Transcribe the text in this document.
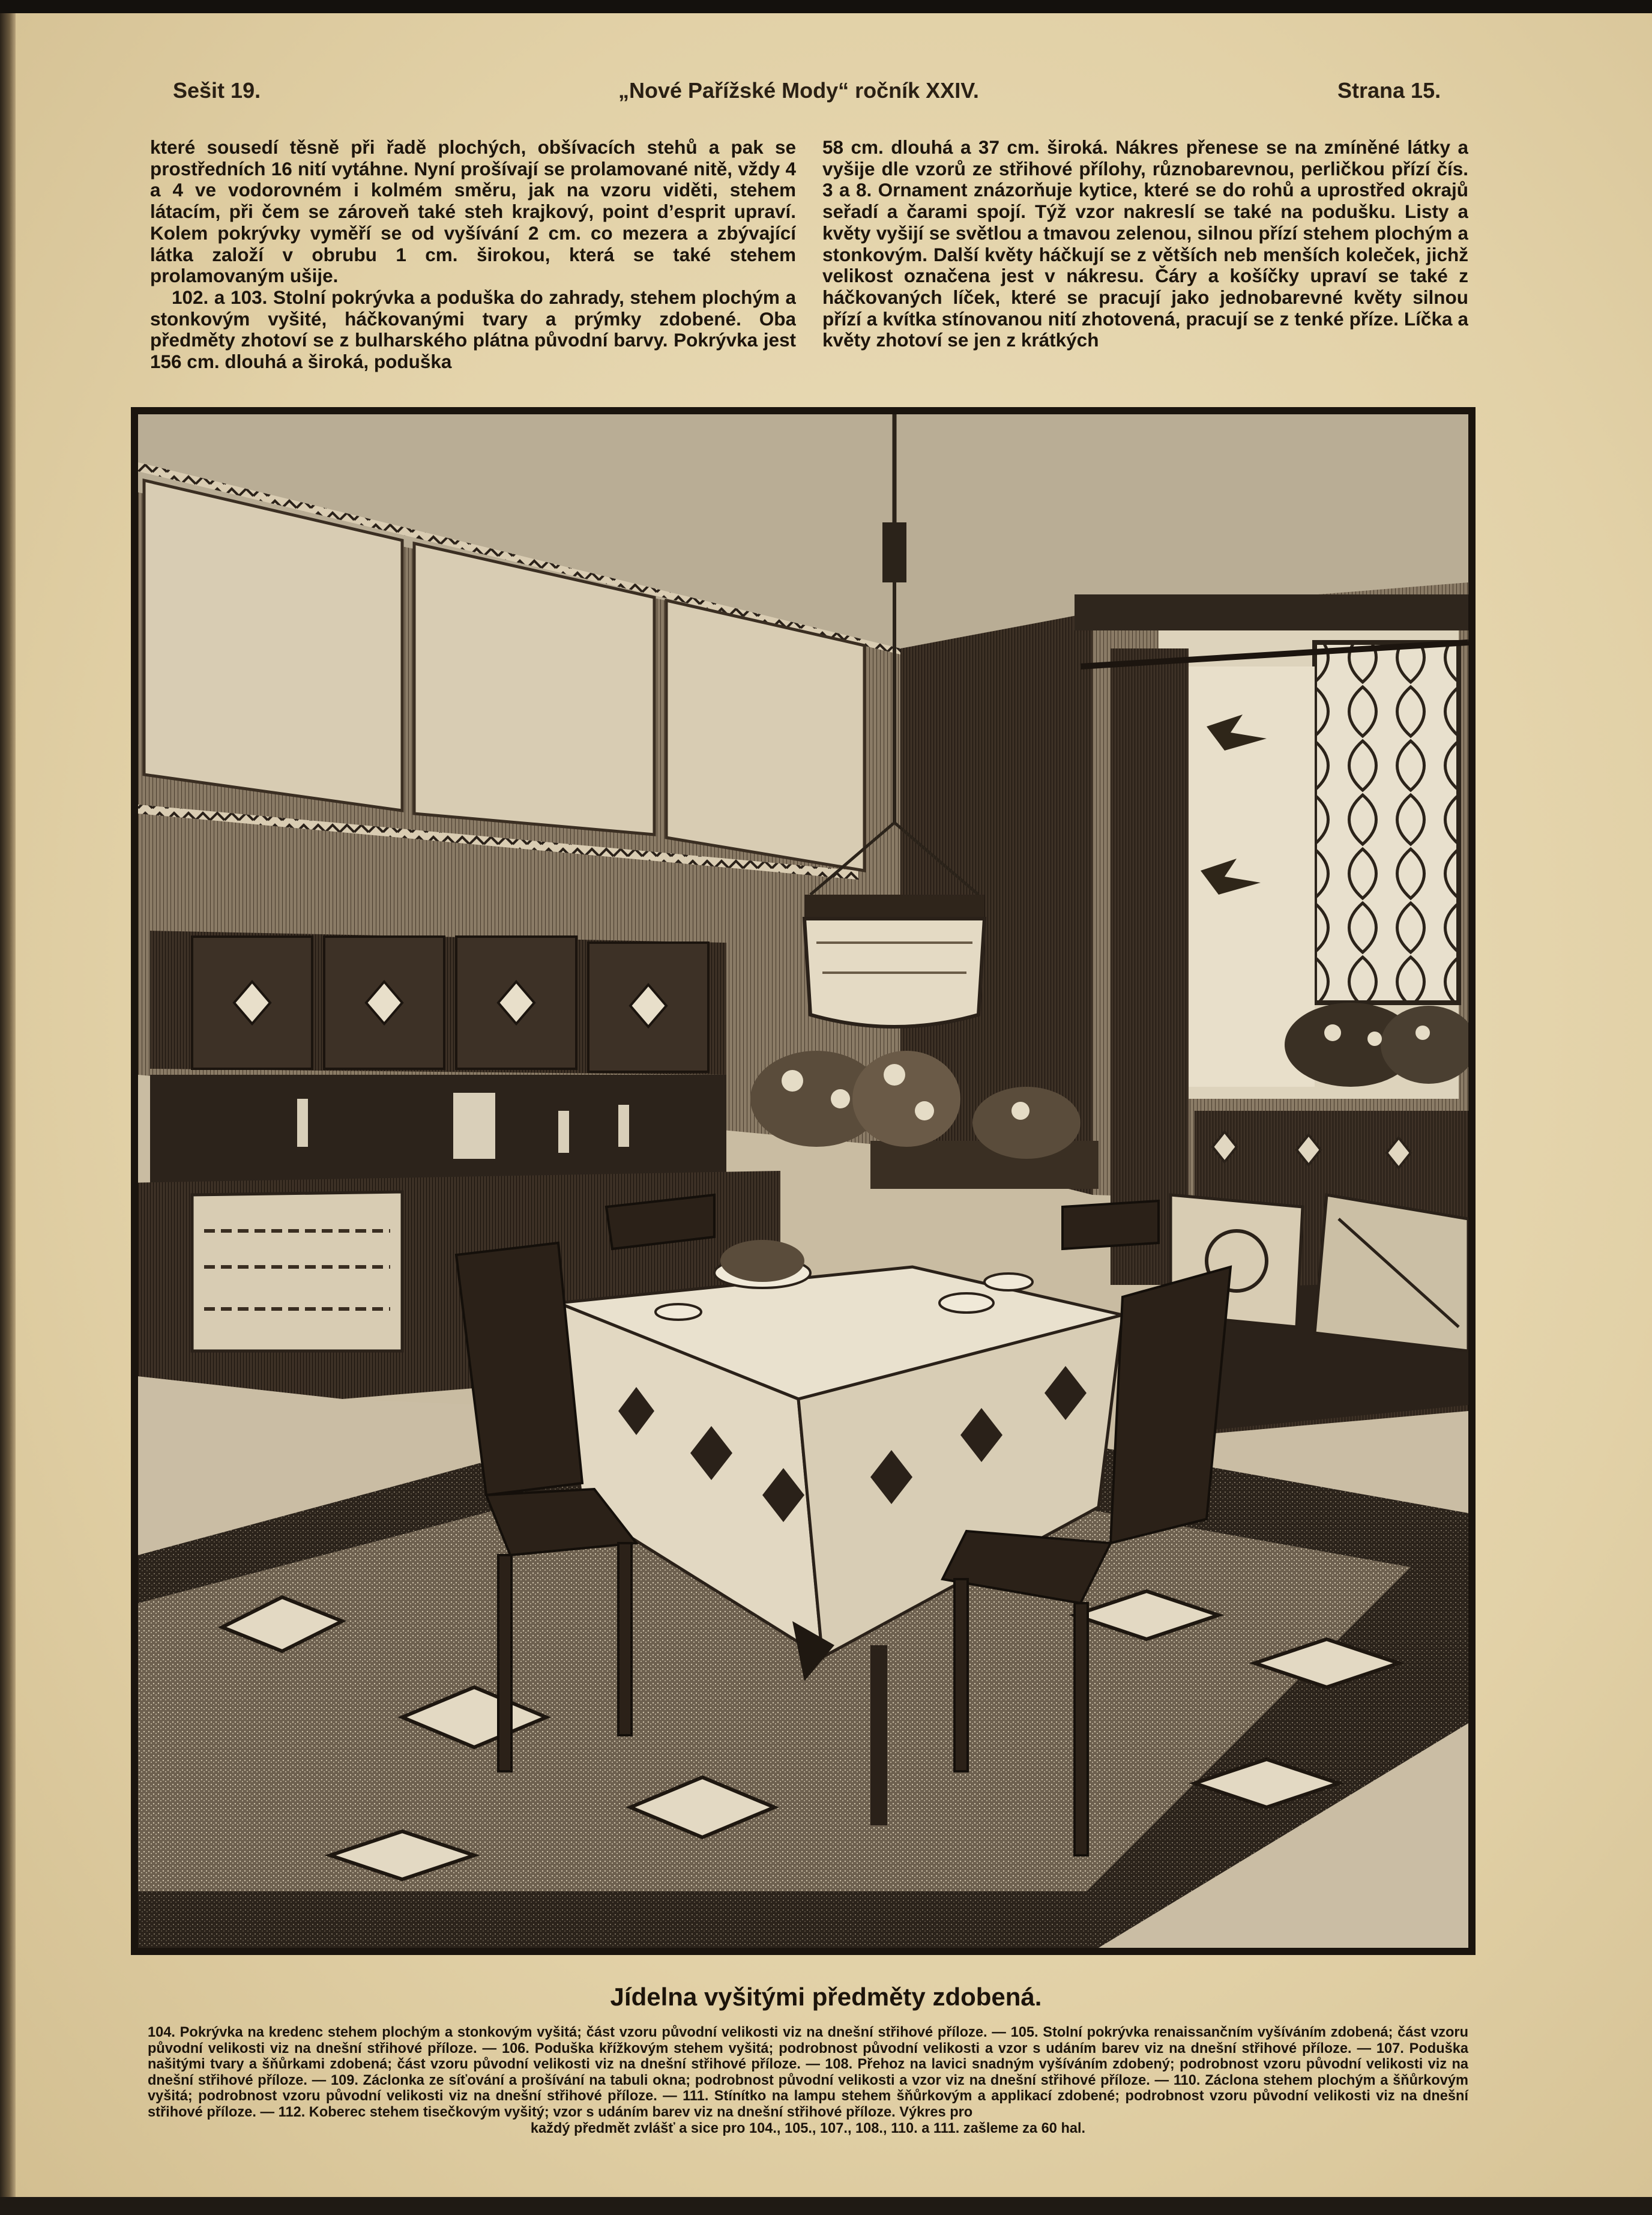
Sešit 19.	„Nové Pařížské Mody“ ročník XXIV.	Strana 15.

které sousedí těsně při řadě plochých, obšívacích stehů a pak se prostředních 16 nití vytáhne. Nyní prošívají se prolamované nitě, vždy 4 a 4 ve vodorovném i kolmém směru, jak na vzoru viděti, stehem látacím, při čem se zároveň také steh krajkový, point d’esprit upraví. Kolem pokrývky vyměří se od vyšívání 2 cm. co mezera a zbývající látka založí v obrubu 1 cm. širokou, která se také stehem prolamovaným ušije.

102. a 103. Stolní pokrývka a poduška do zahrady, stehem plochým a stonkovým vyšité, háčkovanými tvary a prýmky zdobené. Oba předměty zhotoví se z bulharského plátna původní barvy. Pokrývka jest 156 cm. dlouhá a široká, poduška

58 cm. dlouhá a 37 cm. široká. Nákres přenese se na zmíněné látky a vyšije dle vzorů ze střihové přílohy, různobarevnou, perličkou přízí čís. 3 a 8. Ornament znázorňuje kytice, které se do rohů a uprostřed okrajů seřadí a čarami spojí. Týž vzor nakreslí se také na podušku. Listy a květy vyšijí se světlou a tmavou zelenou, silnou přízí stehem plochým a stonkovým. Další květy háčkují se z větších neb menších koleček, jichž velikost označena jest v nákresu. Čáry a košíčky upraví se také z háčkovaných líček, které se pracují jako jednobarevné květy silnou přízí a kvítka stínovanou nití zhotovená, pracují se z tenké příze. Líčka a květy zhotoví se jen z krátkých

Jídelna vyšitými předměty zdobená.
104. Pokrývka na kredenc stehem plochým a stonkovým vyšitá; část vzoru původní velikosti viz na dnešní střihové příloze. — 105. Stolní pokrývka renaissančním vyšíváním zdobená; část vzoru původní velikosti viz na dnešní střihové příloze. — 106. Poduška křížkovým stehem vyšitá; podrobnost původní velikosti a vzor s udáním barev viz na dnešní střihové příloze. — 107. Poduška našitými tvary a šňůrkami zdobená; část vzoru původní velikosti viz na dnešní střihové příloze. — 108. Přehoz na lavici snadným vyšíváním zdobený; podrobnost vzoru původní velikosti viz na dnešní střihové příloze. — 109. Záclonka ze síťování a prošívání na tabuli okna; podrobnost původní velikosti a vzor viz na dnešní střihové příloze. — 110. Záclona stehem plochým a šňůrkovým vyšitá; podrobnost vzoru původní velikosti viz na dnešní střihové příloze. — 111. Stínítko na lampu stehem šňůrkovým a applikací zdobené; podrobnost vzoru původní velikosti viz na dnešní střihové příloze. — 112. Koberec stehem tisečkovým vyšitý; vzor s udáním barev viz na dnešní střihové příloze. Výkres pro
každý předmět zvlášť a sice pro 104., 105., 107., 108., 110. a 111. zašleme za 60 hal.
